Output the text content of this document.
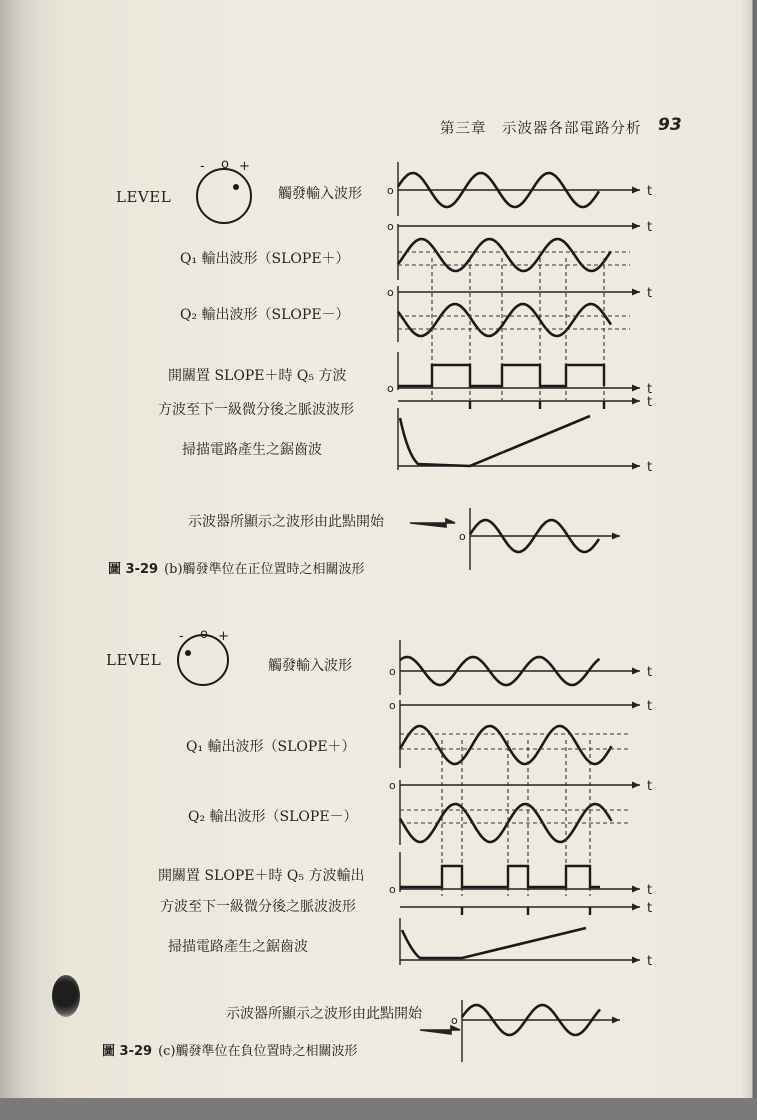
第三章　示波器各部電路分析 93
LEVEL	觸發輸入波形
Q₁ 輸出波形（SLOPE＋）
Q₂ 輸出波形（SLOPE－）
開關置 SLOPE＋時 Q₅ 方波
方波至下一級微分後之脈波波形
掃描電路產生之鋸齒波
示波器所顯示之波形由此點開始
圖 3-29 (b)觸發準位在正位置時之相關波形
LEVEL	觸發輸入波形
Q₁ 輸出波形（SLOPE＋）
Q₂ 輸出波形（SLOPE－）
開關置 SLOPE＋時 Q₅ 方波輸出
方波至下一級微分後之脈波波形
掃描電路產生之鋸齒波
示波器所顯示之波形由此點開始
圖 3-29 (c)觸發準位在負位置時之相關波形
- o +
t
o
t
o
t
o
t
o
t
t
o
- o +
t
o
t
o
t
o
t
o
t
t
o
